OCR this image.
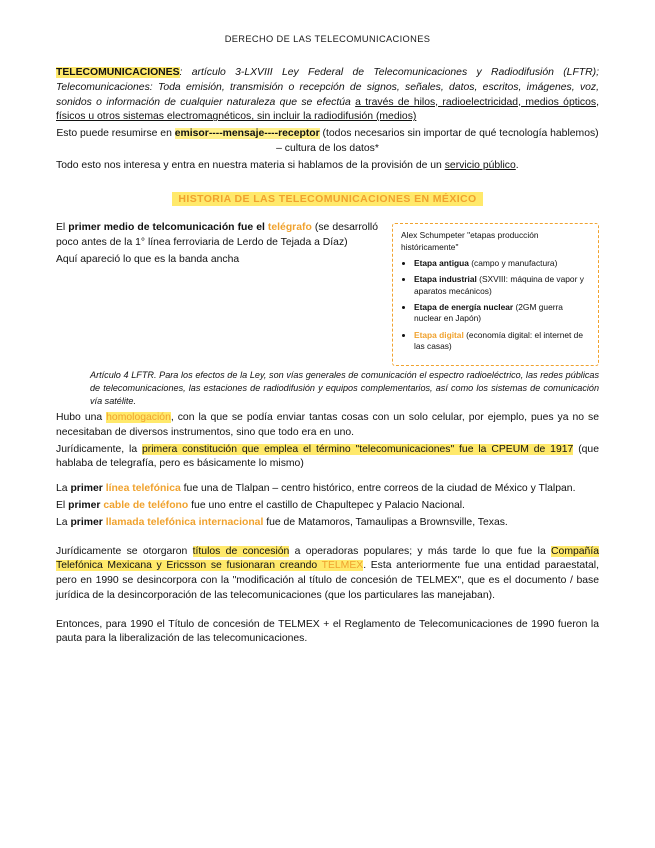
DERECHO DE LAS TELECOMUNICACIONES

TELECOMUNICACIONES: artículo 3-LXVIII Ley Federal de Telecomunicaciones y Radiodifusión (LFTR); Telecomunicaciones: Toda emisión, transmisión o recepción de signos, señales, datos, escritos, imágenes, voz, sonidos o información de cualquier naturaleza que se efectúa a través de hilos, radioelectricidad, medios ópticos, físicos u otros sistemas electromagnéticos, sin incluir la radiodifusión (medios)

Esto puede resumirse en emisor----mensaje----receptor (todos necesarios sin importar de qué tecnología hablemos) – cultura de los datos*

Todo esto nos interesa y entra en nuestra materia si hablamos de la provisión de un servicio público.

HISTORIA DE LAS TELECOMUNICACIONES EN MÉXICO

El primer medio de telcomunicación fue el telégrafo (se desarrolló poco antes de la 1° línea ferroviaria de Lerdo de Tejada a Díaz)

Aquí apareció lo que es la banda ancha

Alex Schumpeter "etapas producción históricamente"

• Etapa antigua (campo y manufactura)
• Etapa industrial (SXVIII: máquina de vapor y aparatos mecánicos)
• Etapa de energía nuclear (2GM guerra nuclear en Japón)
• Etapa digital (economía digital: el internet de las casas)

Artículo 4 LFTR. Para los efectos de la Ley, son vías generales de comunicación el espectro radioeléctrico, las redes públicas de telecomunicaciones, las estaciones de radiodifusión y equipos complementarios, así como los sistemas de comunicación vía satélite.

Hubo una homologación, con la que se podía enviar tantas cosas con un solo celular, por ejemplo, pues ya no se necesitaban de diversos instrumentos, sino que todo era en uno.

Jurídicamente, la primera constitución que emplea el término "telecomunicaciones" fue la CPEUM de 1917 (que hablaba de telegrafía, pero es básicamente lo mismo)

La primer línea telefónica fue una de Tlalpan – centro histórico, entre correos de la ciudad de México y Tlalpan.

El primer cable de teléfono fue uno entre el castillo de Chapultepec y Palacio Nacional.

La primer llamada telefónica internacional fue de Matamoros, Tamaulipas a Brownsville, Texas.

Jurídicamente se otorgaron títulos de concesión a operadoras populares; y más tarde lo que fue la Compañía Telefónica Mexicana y Ericsson se fusionaran creando TELMEX. Esta anteriormente fue una entidad paraestatal, pero en 1990 se desincorpora con la "modificación al título de concesión de TELMEX", que es el documento / base jurídica de la desincorporación de las telecomunicaciones (que los particulares las manejaban).

Entonces, para 1990 el Título de concesión de TELMEX + el Reglamento de Telecomunicaciones de 1990 fueron la pauta para la liberalización de las telecomunicaciones.
